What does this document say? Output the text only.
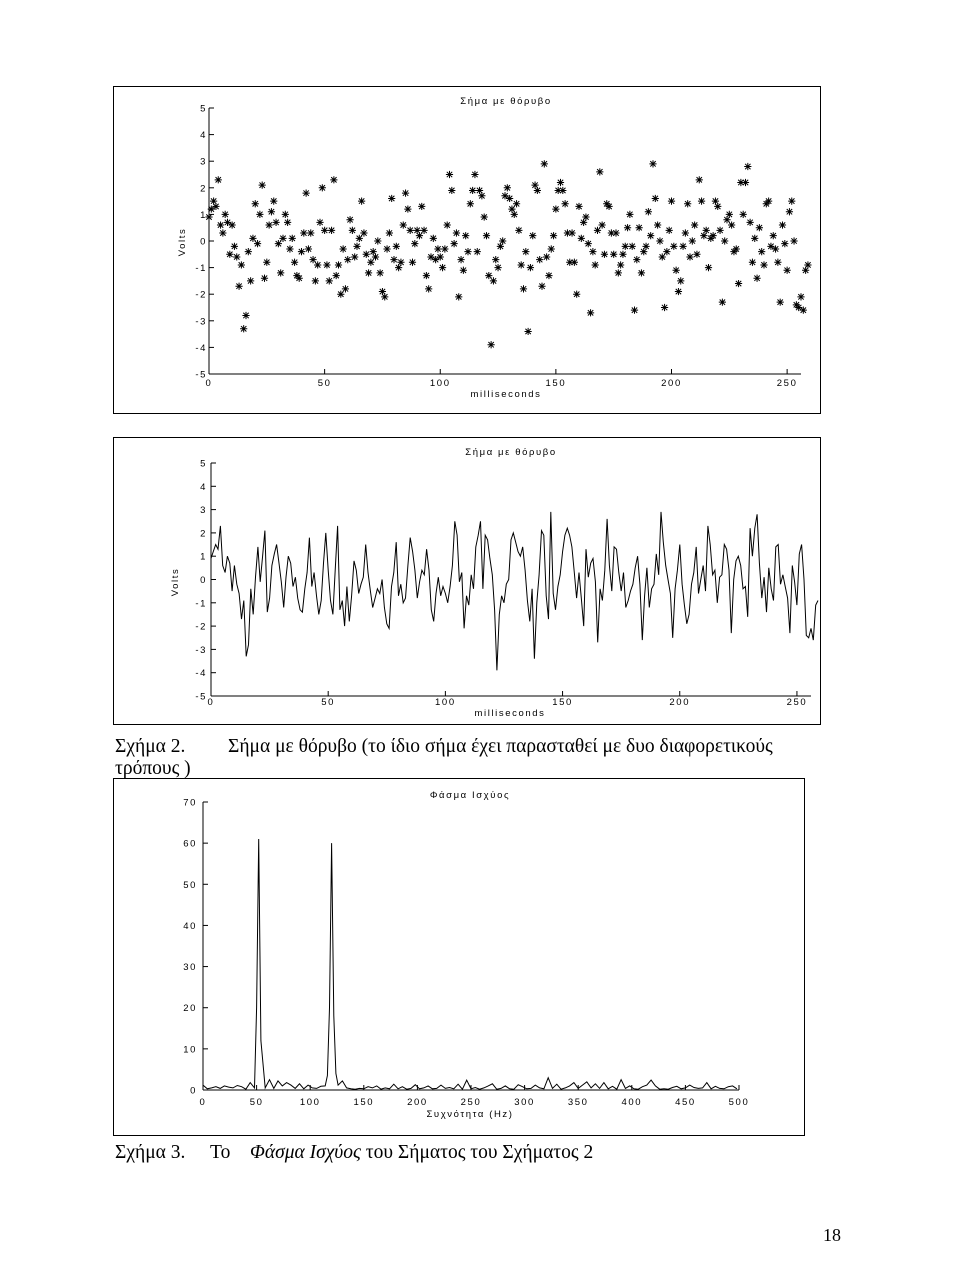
Σήμα με θόρυβο
Volts
milliseconds
5
4
3
2
1
0
-1
-2
-3
-4
-5
0	50	100	150	200	250
Σήμα με θόρυβο
Volts
milliseconds
5
4
3
2
1
0
-1
-2
-3
-4
-5 0	50	100	150	200	250
Σχήμα 2. Σήμα με θόρυβο (το ίδιο σήμα έχει παρασταθεί με δυο διαφορετικούς
τρόπους )
Φάσμα Ισχύος
Συχνότητα (Hz)
70
60
50
40
30
20
10
0
0	50	100	150	200	250	300	350	400	450	500
Σχήμα 3. Το Φάσμα Ισχύος του Σήματος του Σχήματος 2
18
